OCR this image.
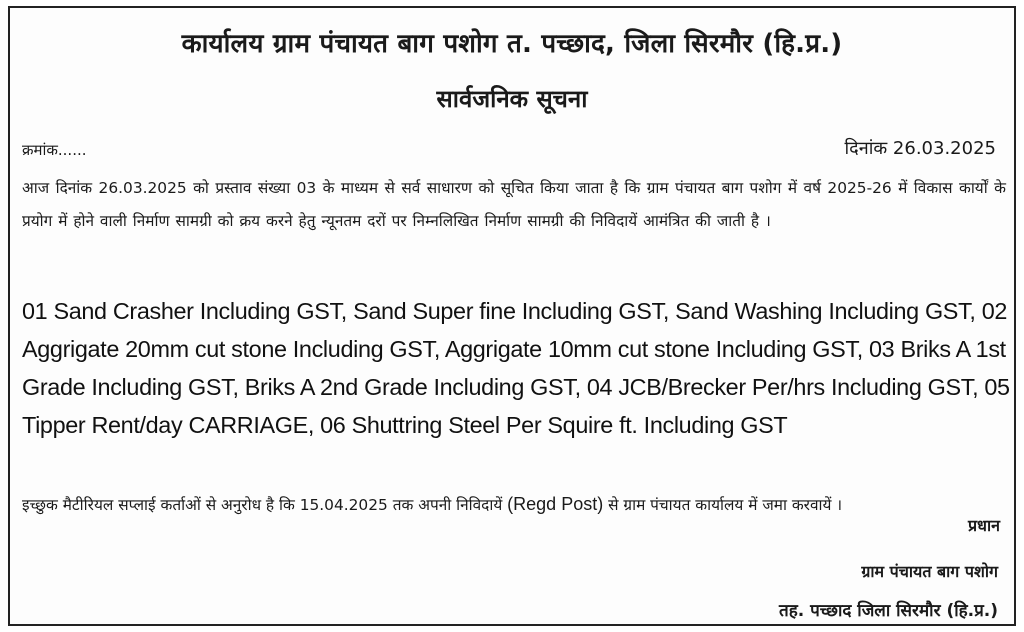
कार्यालय ग्राम पंचायत बाग पशोग त. पच्छाद, जिला सिरमौर (हि.प्र.)
सार्वजनिक सूचना
क्रमांक......	दिनांक 26.03.2025
आज दिनांक 26.03.2025 को प्रस्ताव संख्या 03 के माध्यम से सर्व साधारण को सूचित किया जाता है कि ग्राम पंचायत बाग पशोग में वर्ष 2025-26 में विकास कार्यों के प्रयोग में होने वाली निर्माण सामग्री को क्रय करने हेतु न्यूनतम दरों पर निम्नलिखित निर्माण सामग्री की निविदायें आमंत्रित की जाती है ।
01 Sand Crasher Including GST, Sand Super fine Including GST, Sand Washing Including GST, 02 Aggrigate 20mm cut stone Including GST, Aggrigate 10mm cut stone Including GST, 03 Briks A 1st Grade Including GST, Briks A 2nd Grade Including GST, 04 JCB/Brecker Per/hrs Including GST, 05 Tipper Rent/day CARRIAGE, 06 Shuttring Steel Per Squire ft. Including GST
इच्छुक मैटीरियल सप्लाई कर्ताओं से अनुरोध है कि 15.04.2025 तक अपनी निविदायें (Regd Post) से ग्राम पंचायत कार्यालय में जमा करवायें ।
प्रधान
ग्राम पंचायत बाग पशोग
तह. पच्छाद जिला सिरमौर (हि.प्र.)
